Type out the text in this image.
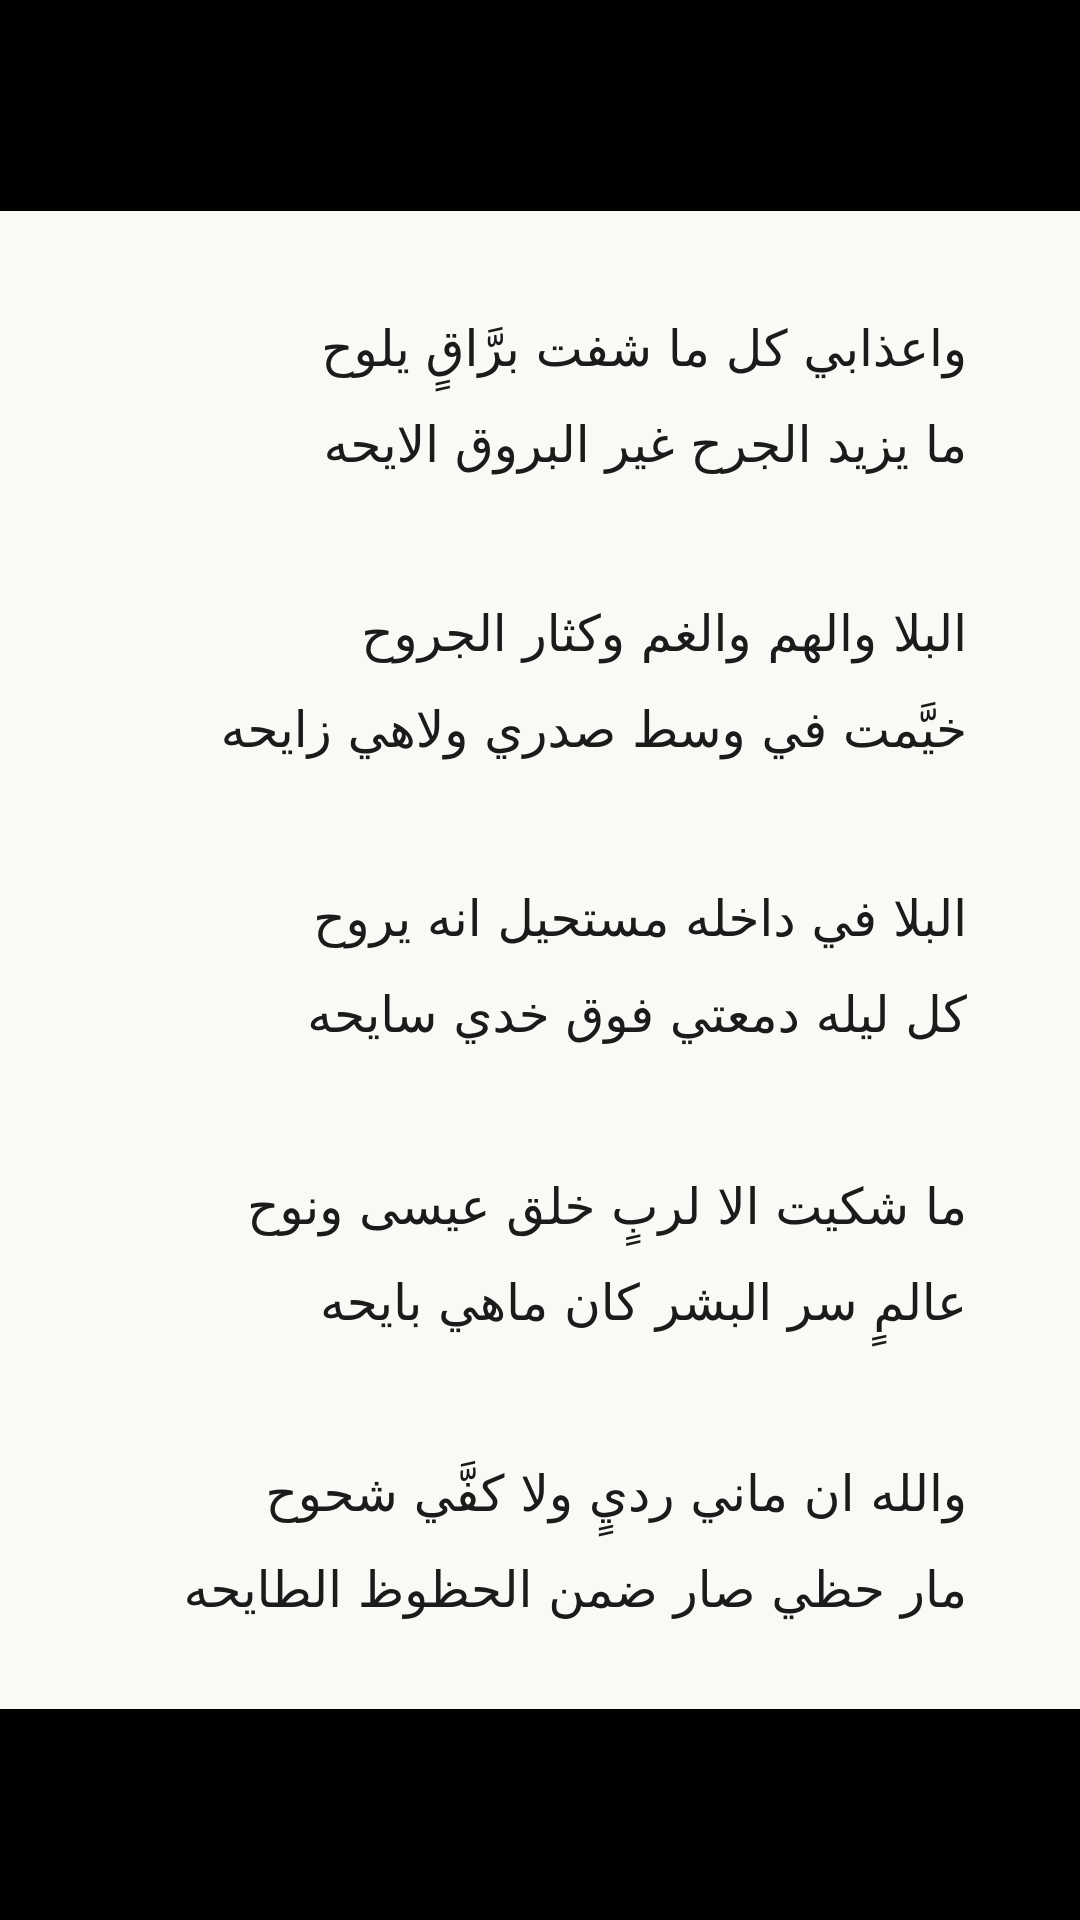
واعذابي كل ما شفت برَّاقٍ يلوح
ما يزيد الجرح غير البروق الايحه
البلا والهم والغم وكثار الجروح
خيَّمت في وسط صدري ولاهي زايحه
البلا في داخله مستحيل انه يروح
كل ليله دمعتي فوق خدي سايحه
ما شكيت الا لربٍ خلق عيسى ونوح
عالمٍ سر البشر كان ماهي بايحه
والله ان ماني رديٍ ولا كفَّي شحوح
مار حظي صار ضمن الحظوظ الطايحه
